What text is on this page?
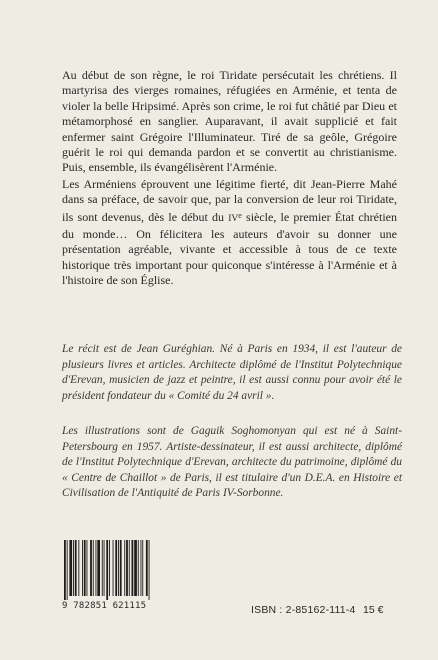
Au début de son règne, le roi Tiridate persécutait les chrétiens. Il martyrisa des vierges romaines, réfugiées en Arménie, et tenta de violer la belle Hripsimé. Après son crime, le roi fut châtié par Dieu et métamorphosé en sanglier. Auparavant, il avait supplicié et fait enfermer saint Grégoire l'Illuminateur. Tiré de sa geôle, Grégoire guérit le roi qui demanda pardon et se convertit au christianisme. Puis, ensemble, ils évangélisèrent l'Arménie.

Les Arméniens éprouvent une légitime fierté, dit Jean-Pierre Mahé dans sa préface, de savoir que, par la conversion de leur roi Tiridate, ils sont devenus, dès le début du IVe siècle, le premier État chrétien du monde… On félicitera les auteurs d'avoir su donner une présentation agréable, vivante et accessible à tous de ce texte historique très important pour quiconque s'intéresse à l'Arménie et à l'histoire de son Église.

Le récit est de Jean Guréghian. Né à Paris en 1934, il est l'auteur de plusieurs livres et articles. Architecte diplômé de l'Institut Polytechnique d'Erevan, musicien de jazz et peintre, il est aussi connu pour avoir été le président fondateur du « Comité du 24 avril ».

Les illustrations sont de Gaguik Soghomonyan qui est né à Saint-Petersbourg en 1957. Artiste-dessinateur, il est aussi architecte, diplômé de l'Institut Polytechnique d'Erevan, architecte du patrimoine, diplômé du « Centre de Chaillot » de Paris, il est titulaire d'un D.E.A. en Histoire et Civilisation de l'Antiquité de Paris IV-Sorbonne.

9 782851 621115	ISBN : 2-85162-111-4 15 €
